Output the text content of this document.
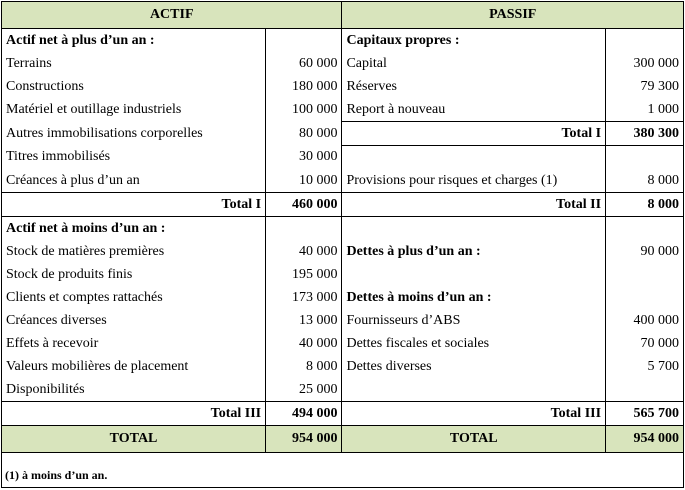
ACTIF		PASSIF	
Actif net à plus d’un an :		Capitaux propres :	
Terrains	60 000	Capital	300 000
Constructions	180 000	Réserves	79 300
Matériel et outillage industriels	100 000	Report à nouveau	1 000
Autres immobilisations corporelles	80 000	Total I	380 300
Titres immobilisés	30 000		
Créances à plus d’un an	10 000	Provisions pour risques et charges (1)	8 000
Total I	460 000	Total II	8 000
Actif net à moins d’un an :			
Stock de matières premières	40 000	Dettes à plus d’un an :	90 000
Stock de produits finis	195 000		
Clients et comptes rattachés	173 000	Dettes à moins d’un an :	
Créances diverses	13 000	Fournisseurs d’ABS	400 000
Effets à recevoir	40 000	Dettes fiscales et sociales	70 000
Valeurs mobilières de placement	8 000	Dettes diverses	5 700
Disponibilités	25 000		
Total III	494 000	Total III	565 700
TOTAL	954 000	TOTAL	954 000
(1) à moins d’un an.
